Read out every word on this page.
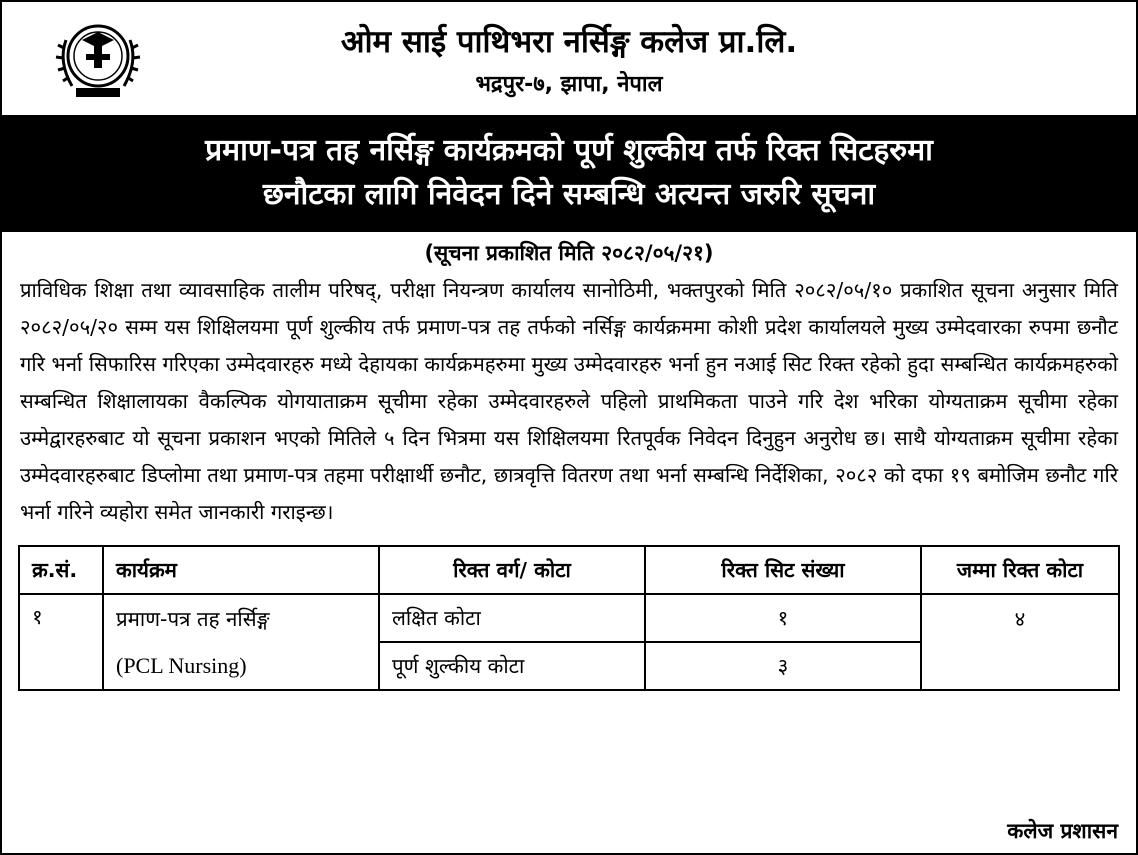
ओम साई पाथिभरा नर्सिङ्ग कलेज प्रा.लि.
भद्रपुर-७, झापा, नेपाल
प्रमाण-पत्र तह नर्सिङ्ग कार्यक्रमको पूर्ण शुल्कीय तर्फ रिक्त सिटहरुमा
छनौटका लागि निवेदन दिने सम्बन्धि अत्यन्त जरुरि सूचना
(सूचना प्रकाशित मिति २०८२/०५/२१)
प्राविधिक शिक्षा तथा व्यावसाहिक तालीम परिषद्, परीक्षा नियन्त्रण कार्यालय सानोठिमी, भक्तपुरको मिति २०८२/०५/१० प्रकाशित सूचना अनुसार मिति २०८२/०५/२० सम्म यस शिक्षिलयमा पूर्ण शुल्कीय तर्फ प्रमाण-पत्र तह तर्फको नर्सिङ्ग कार्यक्रममा कोशी प्रदेश कार्यालयले मुख्य उम्मेदवारका रुपमा छनौट गरि भर्ना सिफारिस गरिएका उम्मेदवारहरु मध्ये देहायका कार्यक्रमहरुमा मुख्य उम्मेदवारहरु भर्ना हुन नआई सिट रिक्त रहेको हुदा सम्बन्धित कार्यक्रमहरुको सम्बन्धित शिक्षालायका वैकल्पिक योगयाताक्रम सूचीमा रहेका उम्मेदवारहरुले पहिलो प्राथमिकता पाउने गरि देश भरिका योग्यताक्रम सूचीमा रहेका उम्मेद्वारहरुबाट यो सूचना प्रकाशन भएको मितिले ५ दिन भित्रमा यस शिक्षिलयमा रितपूर्वक निवेदन दिनुहुन अनुरोध छ। साथै योग्यताक्रम सूचीमा रहेका उम्मेदवारहरुबाट डिप्लोमा तथा प्रमाण-पत्र तहमा परीक्षार्थी छनौट, छात्रवृत्ति वितरण तथा भर्ना सम्बन्धि निर्देशिका, २०८२ को दफा १९ बमोजिम छनौट गरि भर्ना गरिने व्यहोरा समेत जानकारी गराइन्छ।
क्र.सं.	कार्यक्रम	रिक्त वर्ग/ कोटा	रिक्त सिट संख्या	जम्मा रिक्त कोटा
१	प्रमाण-पत्र तह नर्सिङ्ग	लक्षित कोटा	१	४
	(PCL Nursing)	पूर्ण शुल्कीय कोटा	३	
कलेज प्रशासन
